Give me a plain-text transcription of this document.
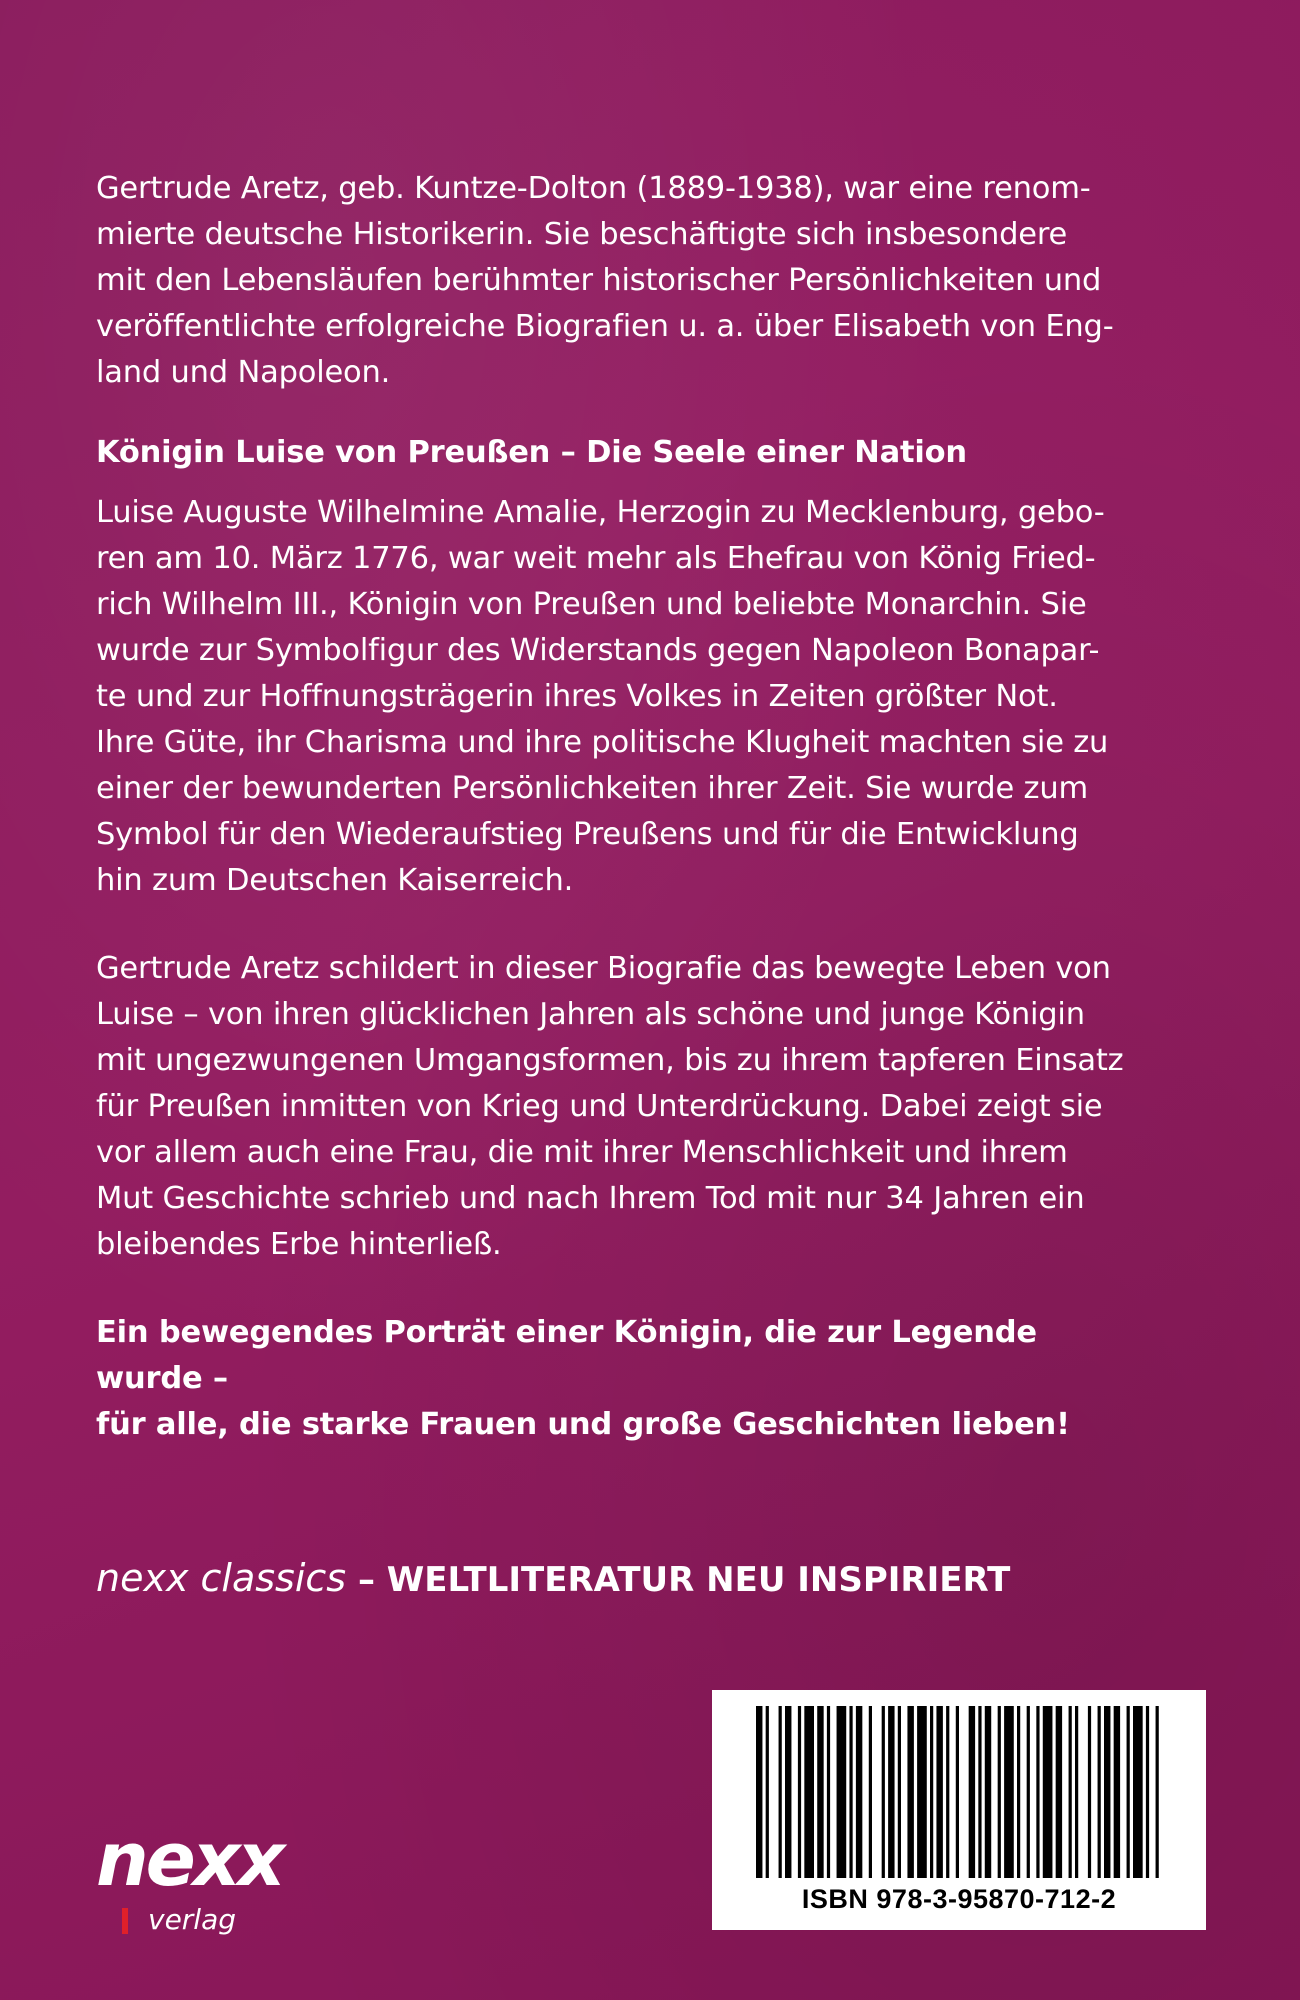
Gertrude Aretz, geb. Kuntze-Dolton (1889-1938), war eine renom-
mierte deutsche Historikerin. Sie beschäftigte sich insbesondere
mit den Lebensläufen berühmter historischer Persönlichkeiten und
veröffentlichte erfolgreiche Biografien u. a. über Elisabeth von Eng-
land und Napoleon.

Königin Luise von Preußen – Die Seele einer Nation

Luise Auguste Wilhelmine Amalie, Herzogin zu Mecklenburg, gebo-
ren am 10. März 1776, war weit mehr als Ehefrau von König Fried-
rich Wilhelm III., Königin von Preußen und beliebte Monarchin. Sie
wurde zur Symbolfigur des Widerstands gegen Napoleon Bonapar-
te und zur Hoffnungsträgerin ihres Volkes in Zeiten größter Not.
Ihre Güte, ihr Charisma und ihre politische Klugheit machten sie zu
einer der bewunderten Persönlichkeiten ihrer Zeit. Sie wurde zum
Symbol für den Wiederaufstieg Preußens und für die Entwicklung
hin zum Deutschen Kaiserreich.

Gertrude Aretz schildert in dieser Biografie das bewegte Leben von
Luise – von ihren glücklichen Jahren als schöne und junge Königin
mit ungezwungenen Umgangsformen, bis zu ihrem tapferen Einsatz
für Preußen inmitten von Krieg und Unterdrückung. Dabei zeigt sie
vor allem auch eine Frau, die mit ihrer Menschlichkeit und ihrem
Mut Geschichte schrieb und nach Ihrem Tod mit nur 34 Jahren ein
bleibendes Erbe hinterließ.

Ein bewegendes Porträt einer Königin, die zur Legende wurde –
für alle, die starke Frauen und große Geschichten lieben!

nexx classics – WELTLITERATUR NEU INSPIRIERT
nexx
verlag
ISBN 978-3-95870-712-2
